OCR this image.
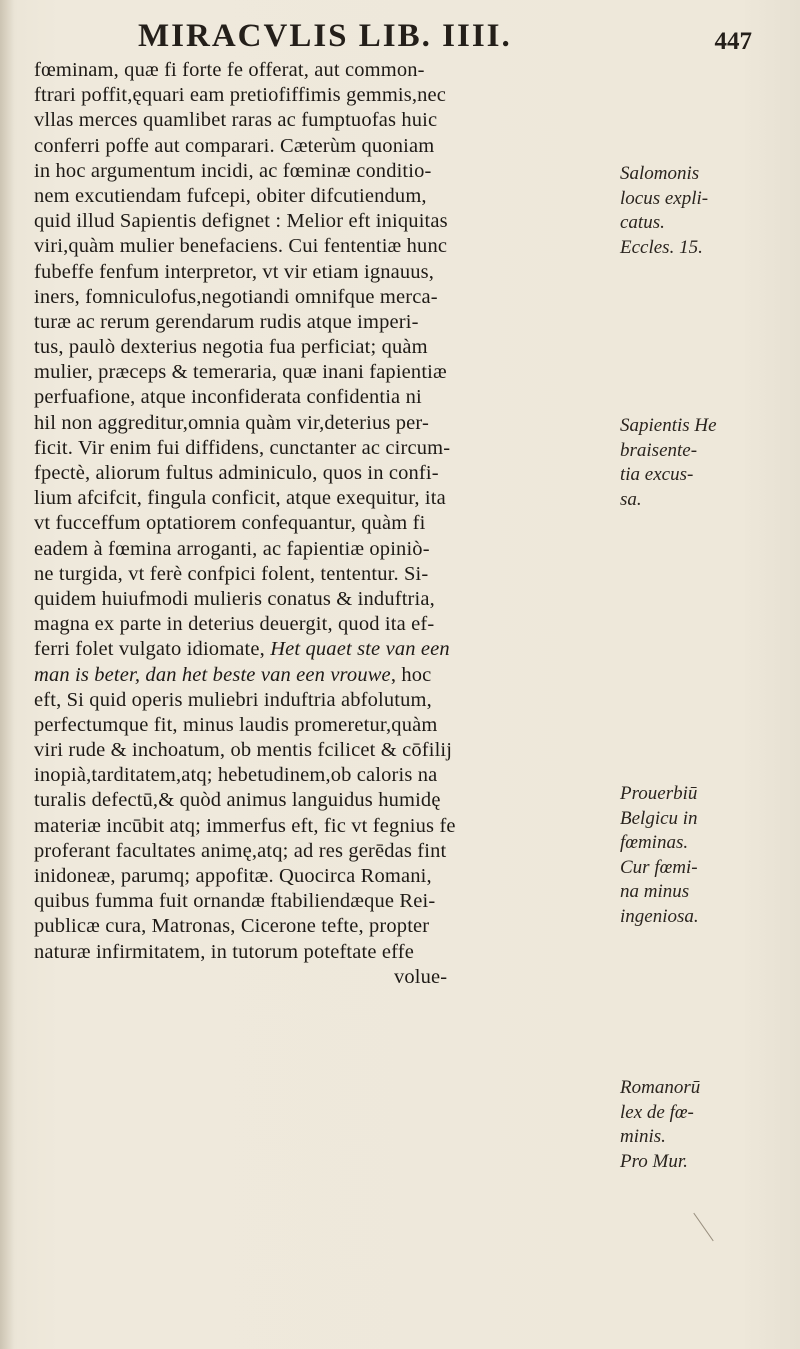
MIRACVLIS LIB. IIII.	447
fœminam, quæ fi forte fe offerat, aut common-
ftrari poffit,ęquari eam pretiofiffimis gemmis,nec
vllas merces quamlibet raras ac fumptuofas huic
conferri poffe aut comparari. Cæterùm quoniam
in hoc argumentum incidi, ac fœminæ conditio-
nem excutiendam fufcepi, obiter difcutiendum,
quid illud Sapientis defignet : Melior eft iniquitas
viri,quàm mulier benefaciens. Cui fententiæ hunc
fubeffe fenfum interpretor, vt vir etiam ignauus,
iners, fomniculofus,negotiandi omnifque merca-
turæ ac rerum gerendarum rudis atque imperi-
tus, paulò dexterius negotia fua perficiat; quàm
mulier, præceps & temeraria, quæ inani fapientiæ
perfuafione, atque inconfiderata confidentia ni
hil non aggreditur,omnia quàm vir,deterius per-
ficit. Vir enim fui diffidens, cunctanter ac circum-
fpectè, aliorum fultus adminiculo, quos in confi-
lium afcifcit, fingula conficit, atque exequitur, ita
vt fucceffum optatiorem confequantur, quàm fi
eadem à fœmina arroganti, ac fapientiæ opiniò-
ne turgida, vt ferè confpici folent, tententur. Si-
quidem huiufmodi mulieris conatus & induftria,
magna ex parte in deterius deuergit, quod ita ef-
ferri folet vulgato idiomate, Het quaet ste van een
man is beter, dan het beste van een vrouwe, hoc
eft, Si quid operis muliebri induftria abfolutum,
perfectumque fit, minus laudis promeretur,quàm
viri rude & inchoatum, ob mentis fcilicet & cōfilij
inopià,tarditatem,atq; hebetudinem,ob caloris na
turalis defectū,& quòd animus languidus humidę
materiæ incūbit atq; immerfus eft, fic vt fegnius fe
proferant facultates animę,atq; ad res gerēdas fint
inidoneæ, parumq; appofitæ. Quocirca Romani,
quibus fumma fuit ornandæ ftabiliendæque Rei-
publicæ cura, Matronas, Cicerone tefte, propter
naturæ infirmitatem, in tutorum poteftate effe
volue-
Salomonis
locus expli-
catus.
Eccles. 15.
Sapientis He
braisente-
tia excus-
sa.
Prouerbiū
Belgicu in
fœminas.
Cur fœmi-
na minus
ingeniosa.
Romanorū
lex de fœ-
minis.
Pro Mur.
